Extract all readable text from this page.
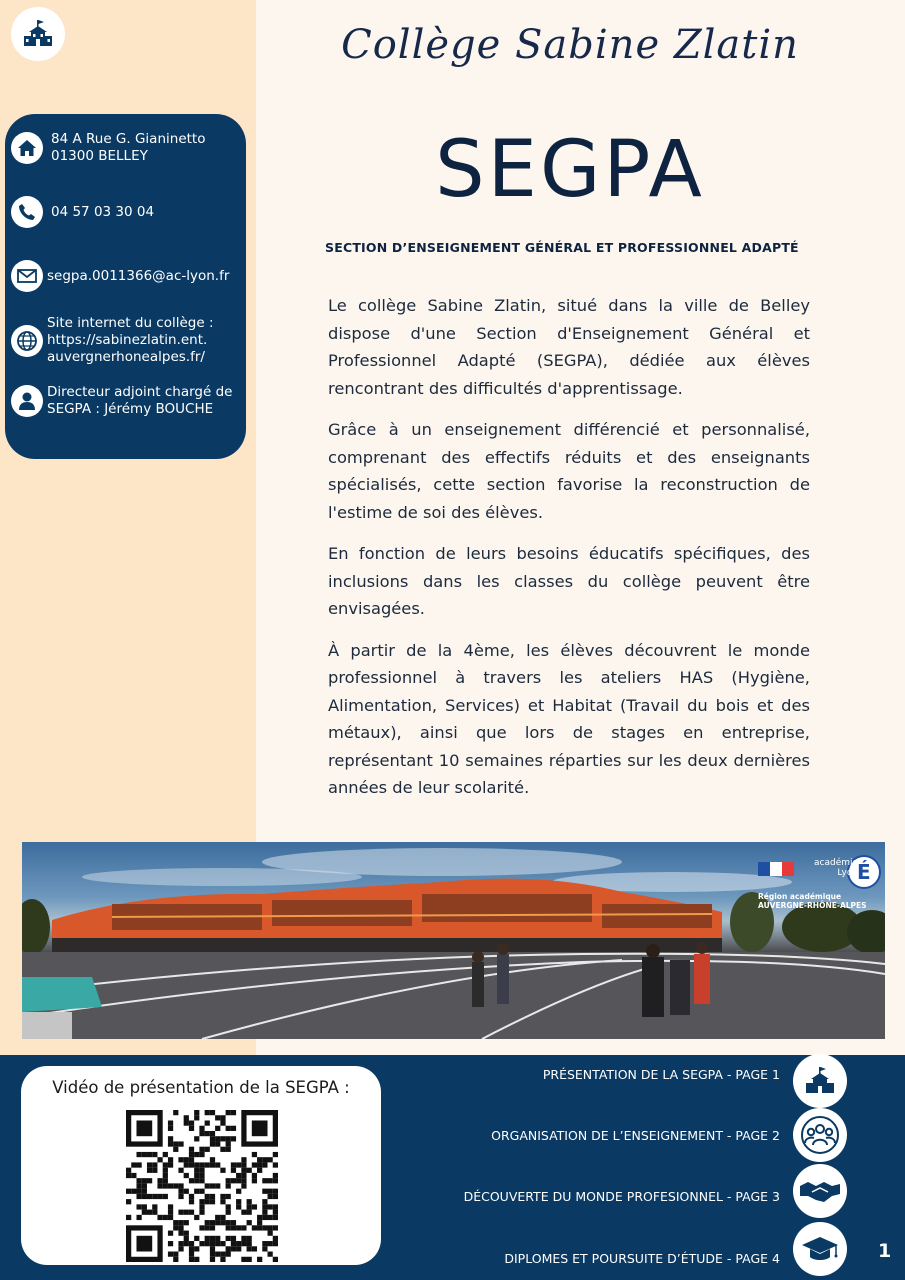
84 A Rue G. Gianinetto
01300 BELLEY
04 57 03 30 04
segpa.0011366@ac-lyon.fr
Site internet du collège :
https://sabinezlatin.ent.
auvergnerhonealpes.fr/
Directeur adjoint chargé de
SEGPA : Jérémy BOUCHE
Collège Sabine Zlatin
SEGPA
SECTION D’ENSEIGNEMENT GÉNÉRAL ET PROFESSIONNEL ADAPTÉ

Le collège Sabine Zlatin, situé dans la ville de Belley dispose d'une Section d'Enseignement Général et Professionnel Adapté (SEGPA), dédiée aux élèves rencontrant des difficultés d'apprentissage.

Grâce à un enseignement différencié et personnalisé, comprenant des effectifs réduits et des enseignants spécialisés, cette section favorise la reconstruction de l'estime de soi des élèves.

En fonction de leurs besoins éducatifs spécifiques, des inclusions dans les classes du collège peuvent être envisagées.

À partir de la 4ème, les élèves découvrent le monde professionnel à travers les ateliers HAS (Hygiène, Alimentation, Services) et Habitat (Travail du bois et des métaux), ainsi que lors de stages en entreprise, représentant 10 semaines réparties sur les deux dernières années de leur scolarité.

É
académie
Lyon
Région académique
AUVERGNE-RHÔNE-ALPES
Vidéo de présentation de la SEGPA :
PRÉSENTATION DE LA SEGPA - PAGE 1
ORGANISATION DE L’ENSEIGNEMENT - PAGE 2
DÉCOUVERTE DU MONDE PROFESIONNEL - PAGE 3
DIPLOMES ET POURSUITE D’ÉTUDE - PAGE 4	1
